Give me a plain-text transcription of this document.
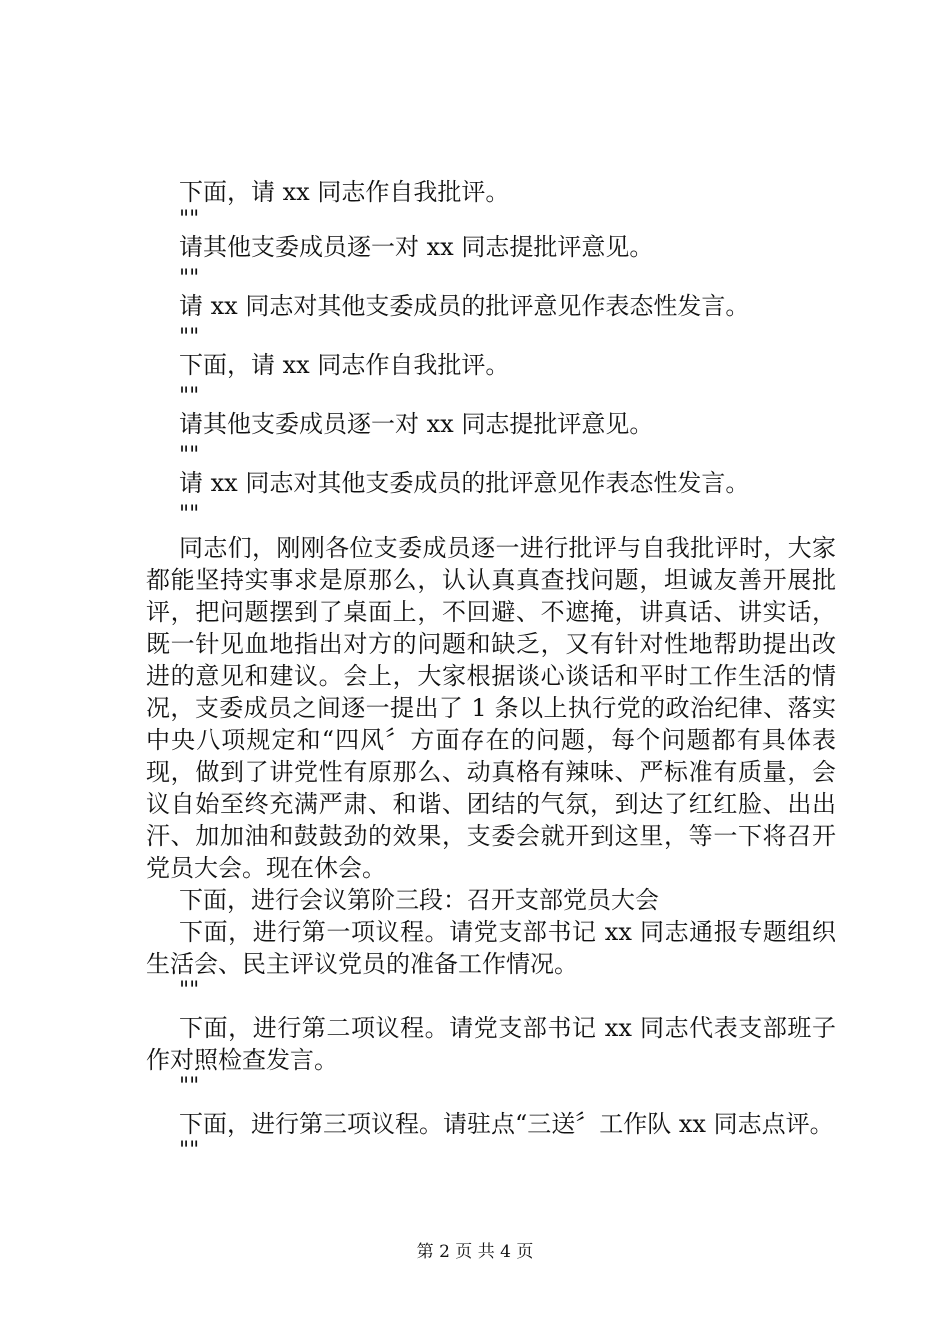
下面，请 xx 同志作自我批评。
""
请其他支委成员逐一对 xx 同志提批评意见。
""
请 xx 同志对其他支委成员的批评意见作表态性发言。
""
下面，请 xx 同志作自我批评。
""
请其他支委成员逐一对 xx 同志提批评意见。
""
请 xx 同志对其他支委成员的批评意见作表态性发言。
""

同志们，刚刚各位支委成员逐一进行批评与自我批评时，大家都能坚持实事求是原那么，认认真真查找问题，坦诚友善开展批评，把问题摆到了桌面上，不回避、不遮掩，讲真话、讲实话，既一针见血地指出对方的问题和缺乏，又有针对性地帮助提出改进的意见和建议。会上，大家根据谈心谈话和平时工作生活的情况，支委成员之间逐一提出了 1 条以上执行党的政治纪律、落实中央八项规定和“四风〞方面存在的问题，每个问题都有具体表现，做到了讲党性有原那么、动真格有辣味、严标准有质量，会议自始至终充满严肃、和谐、团结的气氛，到达了红红脸、出出汗、加加油和鼓鼓劲的效果，支委会就开到这里，等一下将召开党员大会。现在休会。

下面，进行会议第阶三段：召开支部党员大会

下面，进行第一项议程。请党支部书记 xx 同志通报专题组织生活会、民主评议党员的准备工作情况。

""

下面，进行第二项议程。请党支部书记 xx 同志代表支部班子作对照检查发言。

""

下面，进行第三项议程。请驻点“三送〞工作队 xx 同志点评。

""
第 2 页 共 4 页
